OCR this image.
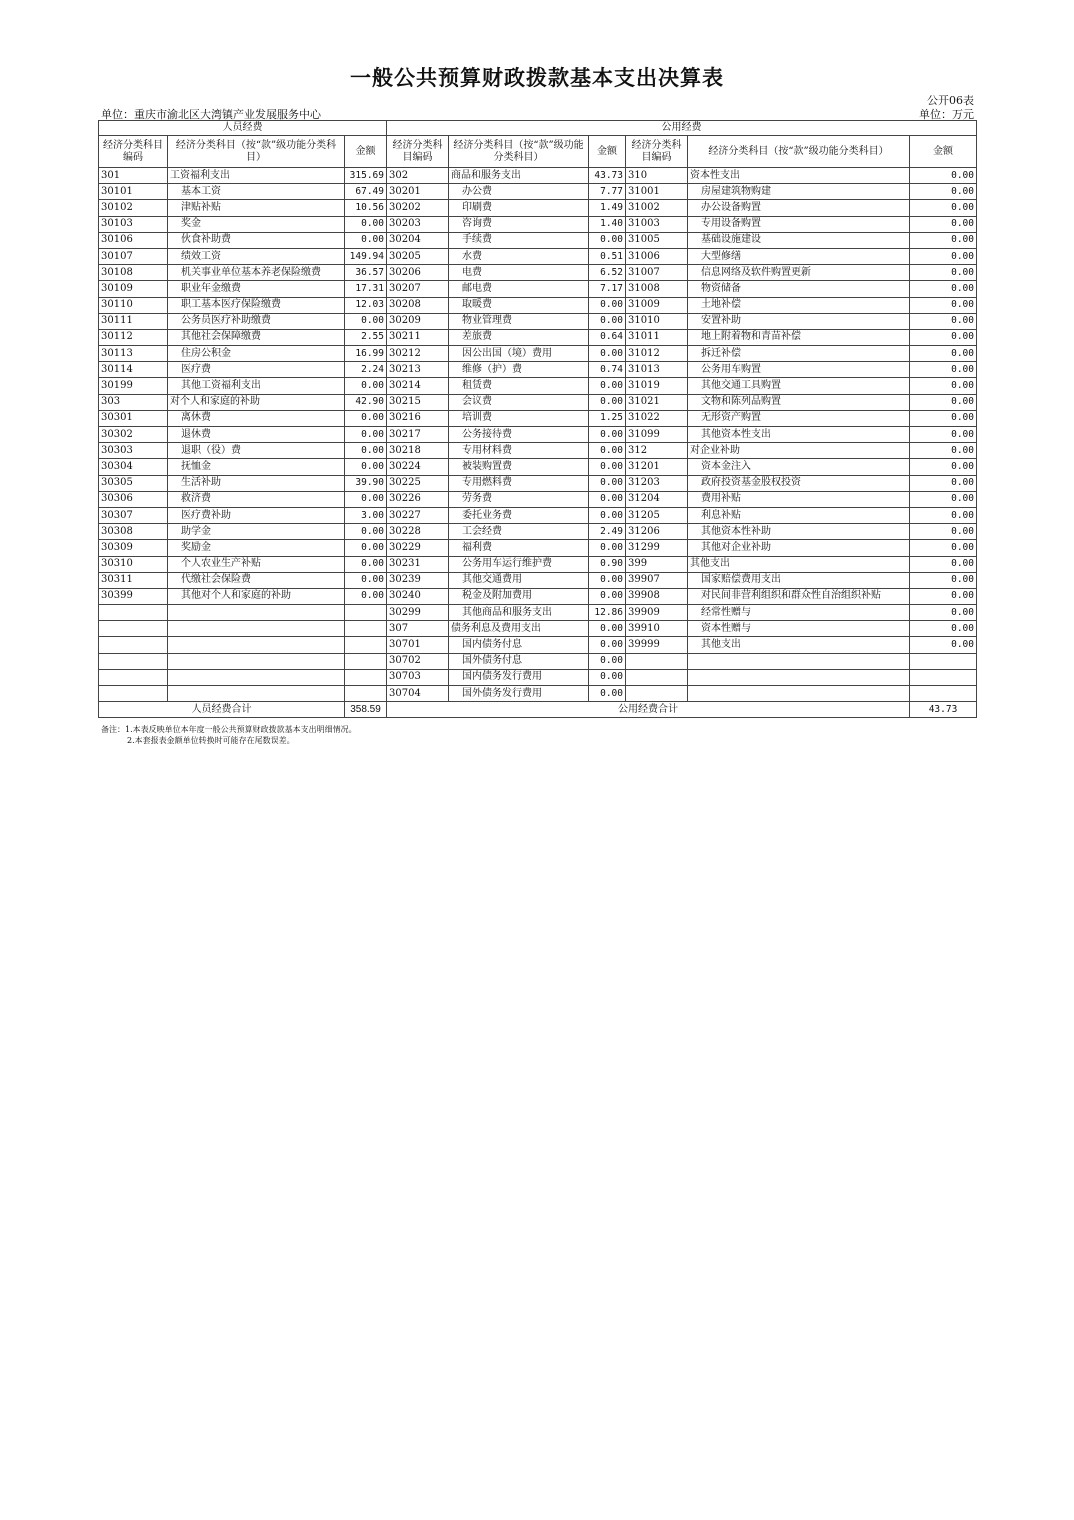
一般公共预算财政拨款基本支出决算表
公开06表
单位：重庆市渝北区大湾镇产业发展服务中心	单位：万元
人员经费			公用经费					
经济分类科目编码	经济分类科目（按“款”级功能分类科目）	金额	经济分类科目编码	经济分类科目（按“款”级功能分类科目）	金额	经济分类科目编码	经济分类科目（按“款”级功能分类科目）	金额
301	工资福利支出	315.69	302	商品和服务支出	43.73	310	资本性支出	0.00
30101	基本工资	67.49	30201	办公费	7.77	31001	房屋建筑物购建	0.00
30102	津贴补贴	10.56	30202	印刷费	1.49	31002	办公设备购置	0.00
30103	奖金	0.00	30203	咨询费	1.40	31003	专用设备购置	0.00
30106	伙食补助费	0.00	30204	手续费	0.00	31005	基础设施建设	0.00
30107	绩效工资	149.94	30205	水费	0.51	31006	大型修缮	0.00
30108	机关事业单位基本养老保险缴费	36.57	30206	电费	6.52	31007	信息网络及软件购置更新	0.00
30109	职业年金缴费	17.31	30207	邮电费	7.17	31008	物资储备	0.00
30110	职工基本医疗保险缴费	12.03	30208	取暖费	0.00	31009	土地补偿	0.00
30111	公务员医疗补助缴费	0.00	30209	物业管理费	0.00	31010	安置补助	0.00
30112	其他社会保障缴费	2.55	30211	差旅费	0.64	31011	地上附着物和青苗补偿	0.00
30113	住房公积金	16.99	30212	因公出国（境）费用	0.00	31012	拆迁补偿	0.00
30114	医疗费	2.24	30213	维修（护）费	0.74	31013	公务用车购置	0.00
30199	其他工资福利支出	0.00	30214	租赁费	0.00	31019	其他交通工具购置	0.00
303	对个人和家庭的补助	42.90	30215	会议费	0.00	31021	文物和陈列品购置	0.00
30301	离休费	0.00	30216	培训费	1.25	31022	无形资产购置	0.00
30302	退休费	0.00	30217	公务接待费	0.00	31099	其他资本性支出	0.00
30303	退职（役）费	0.00	30218	专用材料费	0.00	312	对企业补助	0.00
30304	抚恤金	0.00	30224	被装购置费	0.00	31201	资本金注入	0.00
30305	生活补助	39.90	30225	专用燃料费	0.00	31203	政府投资基金股权投资	0.00
30306	救济费	0.00	30226	劳务费	0.00	31204	费用补贴	0.00
30307	医疗费补助	3.00	30227	委托业务费	0.00	31205	利息补贴	0.00
30308	助学金	0.00	30228	工会经费	2.49	31206	其他资本性补助	0.00
30309	奖励金	0.00	30229	福利费	0.00	31299	其他对企业补助	0.00
30310	个人农业生产补贴	0.00	30231	公务用车运行维护费	0.90	399	其他支出	0.00
30311	代缴社会保险费	0.00	30239	其他交通费用	0.00	39907	国家赔偿费用支出	0.00
30399	其他对个人和家庭的补助	0.00	30240	税金及附加费用	0.00	39908	对民间非营利组织和群众性自治组织补贴	0.00
			30299	其他商品和服务支出	12.86	39909	经常性赠与	0.00
			307	债务利息及费用支出	0.00	39910	资本性赠与	0.00
			30701	国内债务付息	0.00	39999	其他支出	0.00
			30702	国外债务付息	0.00			
			30703	国内债务发行费用	0.00			
			30704	国外债务发行费用	0.00			
人员经费合计		358.59	公用经费合计					43.73
备注：1.本表反映单位本年度一般公共预算财政拨款基本支出明细情况。
2.本套报表金额单位转换时可能存在尾数误差。
